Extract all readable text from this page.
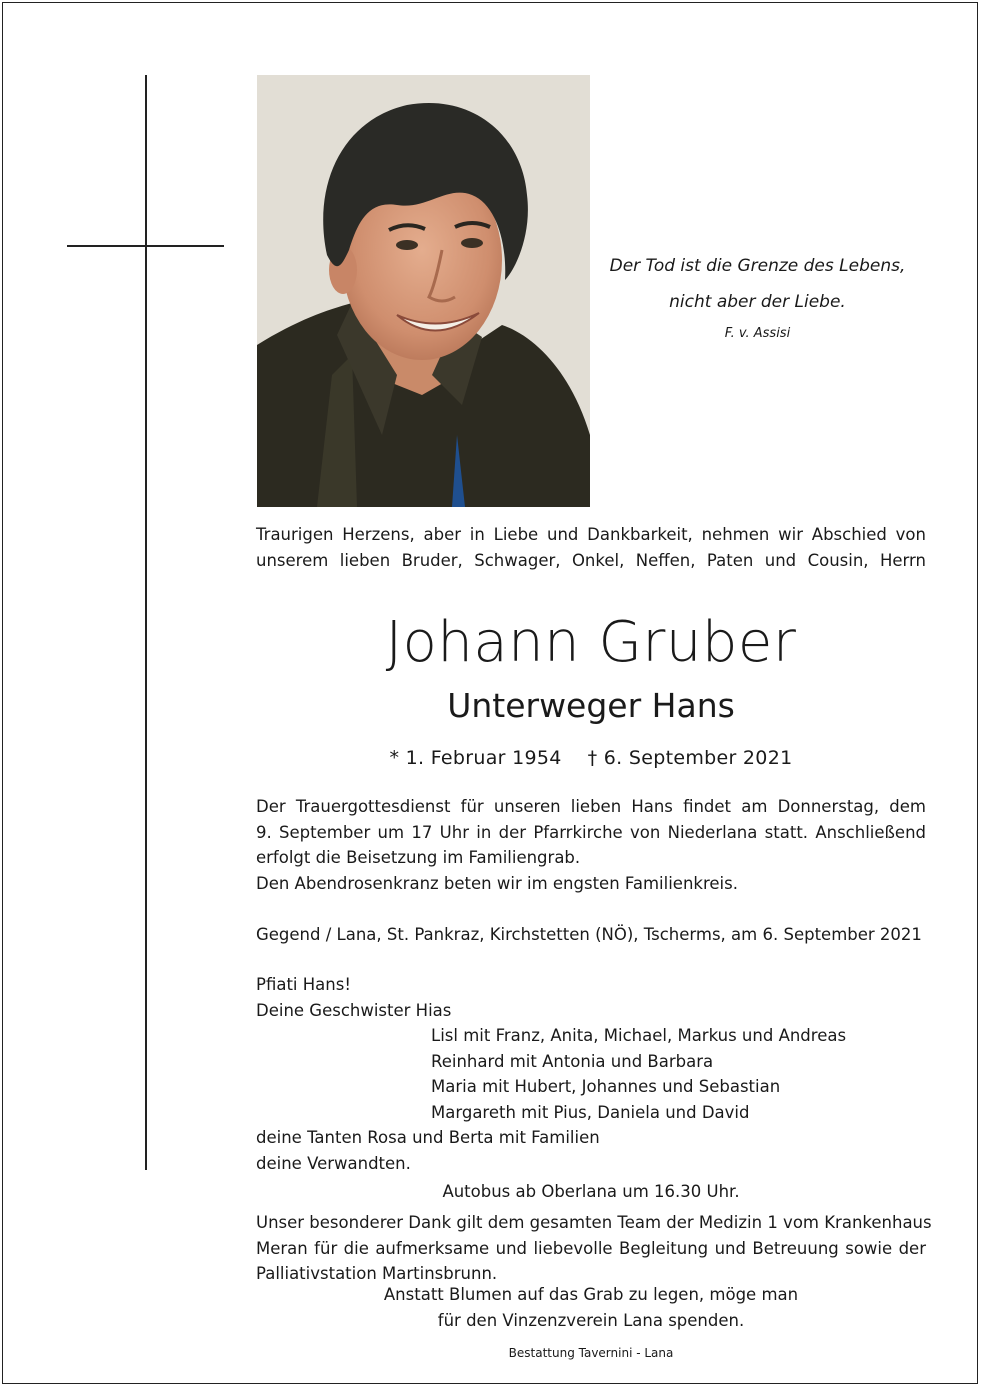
Der Tod ist die Grenze des Lebens,
nicht aber der Liebe.
F. v. Assisi
Traurigen Herzens, aber in Liebe und Dankbarkeit, nehmen wir Abschied von
unserem lieben Bruder, Schwager, Onkel, Neffen, Paten und Cousin, Herrn
Johann Gruber
Unterweger Hans
* 1. Februar 1954 † 6. September 2021
Der Trauergottesdienst für unseren lieben Hans findet am Donnerstag, dem
9. September um 17 Uhr in der Pfarrkirche von Niederlana statt. Anschließend
erfolgt die Beisetzung im Familiengrab.
Den Abendrosenkranz beten wir im engsten Familienkreis.
Gegend / Lana, St. Pankraz, Kirchstetten (NÖ), Tscherms, am 6. September 2021
Pfiati Hans!
Deine Geschwister Hias
Lisl mit Franz, Anita, Michael, Markus und Andreas
Reinhard mit Antonia und Barbara
Maria mit Hubert, Johannes und Sebastian
Margareth mit Pius, Daniela und David
deine Tanten Rosa und Berta mit Familien
deine Verwandten.
Autobus ab Oberlana um 16.30 Uhr.
Unser besonderer Dank gilt dem gesamten Team der Medizin 1 vom Krankenhaus
Meran für die aufmerksame und liebevolle Begleitung und Betreuung sowie der
Palliativstation Martinsbrunn.
Anstatt Blumen auf das Grab zu legen, möge man
für den Vinzenzverein Lana spenden.
Bestattung Tavernini - Lana
